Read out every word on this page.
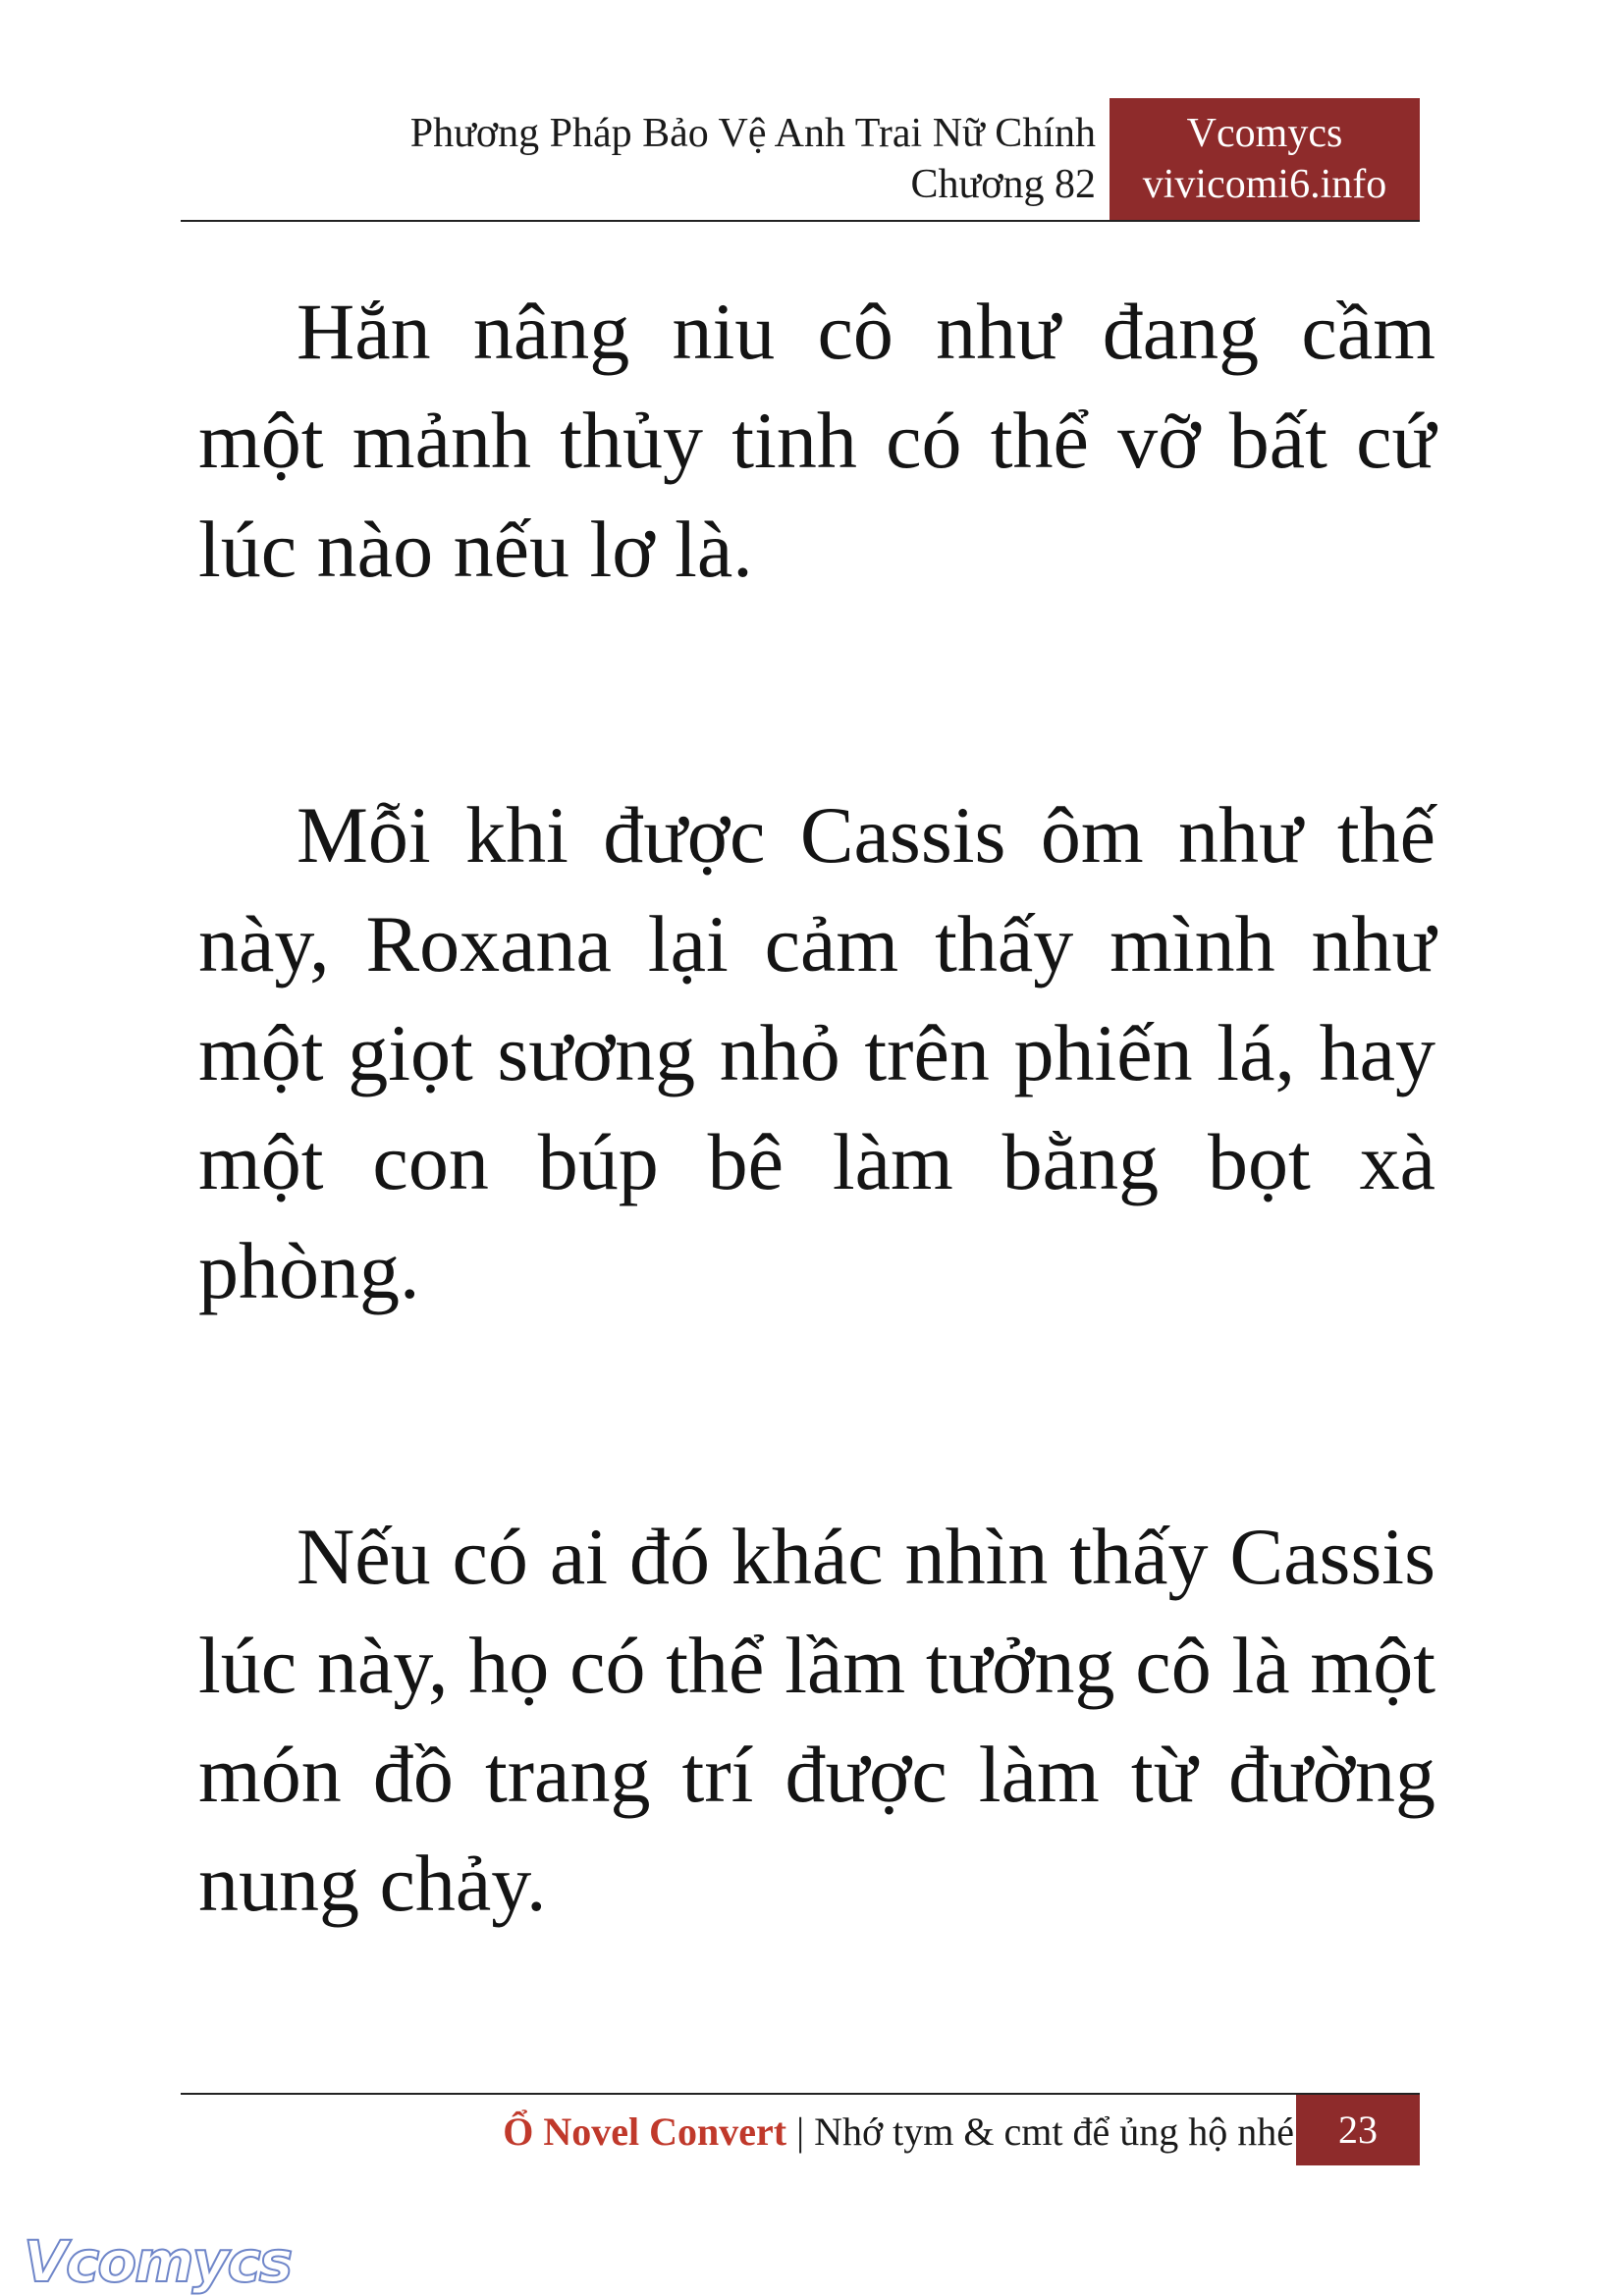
Phương Pháp Bảo Vệ Anh Trai Nữ Chính
Chương 82
Vcomycs
vivicomi6.info

Hắn nâng niu cô như đang cầm một mảnh thủy tinh có thể vỡ bất cứ lúc nào nếu lơ là.

Mỗi khi được Cassis ôm như thế này, Roxana lại cảm thấy mình như một giọt sương nhỏ trên phiến lá, hay một con búp bê làm bằng bọt xà phòng.

Nếu có ai đó khác nhìn thấy Cassis lúc này, họ có thể lầm tưởng cô là một món đồ trang trí được làm từ đường nung chảy.

Ổ Novel Convert | Nhớ tym & cmt để ủng hộ nhé	23
Vcomycs
